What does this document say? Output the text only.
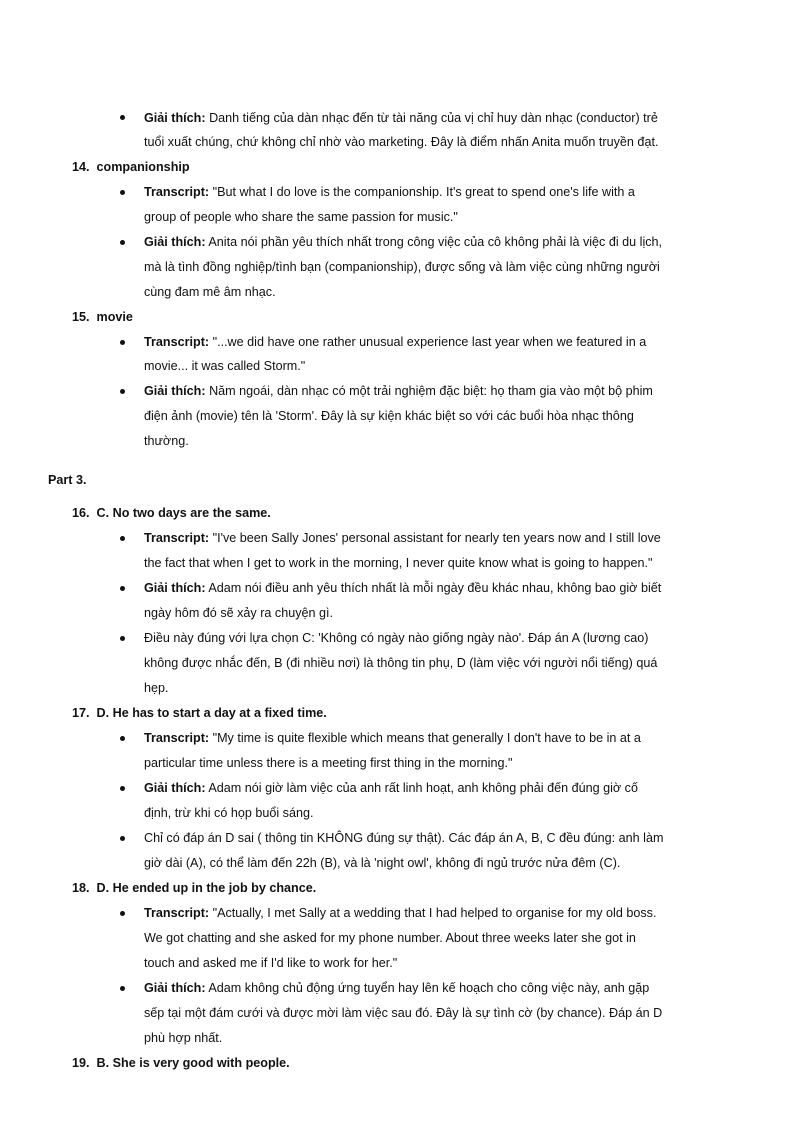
Giải thích: Danh tiếng của dàn nhạc đến từ tài năng của vị chỉ huy dàn nhạc (conductor) trẻ
tuổi xuất chúng, chứ không chỉ nhờ vào marketing. Đây là điểm nhấn Anita muốn truyền đạt.
14. companionship
Transcript: "But what I do love is the companionship. It's great to spend one's life with a
group of people who share the same passion for music."
Giải thích: Anita nói phần yêu thích nhất trong công việc của cô không phải là việc đi du lịch,
mà là tình đồng nghiệp/tình bạn (companionship), được sống và làm việc cùng những người
cùng đam mê âm nhạc.
15. movie
Transcript: "...we did have one rather unusual experience last year when we featured in a
movie... it was called Storm."
Giải thích: Năm ngoái, dàn nhạc có một trải nghiệm đặc biệt: họ tham gia vào một bộ phim
điện ảnh (movie) tên là 'Storm'. Đây là sự kiện khác biệt so với các buổi hòa nhạc thông
thường.
Part 3.
16. C. No two days are the same.
Transcript: "I've been Sally Jones' personal assistant for nearly ten years now and I still love
the fact that when I get to work in the morning, I never quite know what is going to happen."
Giải thích: Adam nói điều anh yêu thích nhất là mỗi ngày đều khác nhau, không bao giờ biết
ngày hôm đó sẽ xảy ra chuyện gì.
Điều này đúng với lựa chọn C: 'Không có ngày nào giống ngày nào'. Đáp án A (lương cao)
không được nhắc đến, B (đi nhiều nơi) là thông tin phụ, D (làm việc với người nổi tiếng) quá
hẹp.
17. D. He has to start a day at a fixed time.
Transcript: "My time is quite flexible which means that generally I don't have to be in at a
particular time unless there is a meeting first thing in the morning."
Giải thích: Adam nói giờ làm việc của anh rất linh hoạt, anh không phải đến đúng giờ cố
định, trừ khi có họp buổi sáng.
Chỉ có đáp án D sai ( thông tin KHÔNG đúng sự thật). Các đáp án A, B, C đều đúng: anh làm
giờ dài (A), có thể làm đến 22h (B), và là 'night owl', không đi ngủ trước nửa đêm (C).
18. D. He ended up in the job by chance.
Transcript: "Actually, I met Sally at a wedding that I had helped to organise for my old boss.
We got chatting and she asked for my phone number. About three weeks later she got in
touch and asked me if I'd like to work for her."
Giải thích: Adam không chủ động ứng tuyển hay lên kế hoạch cho công việc này, anh gặp
sếp tại một đám cưới và được mời làm việc sau đó. Đây là sự tình cờ (by chance). Đáp án D
phù hợp nhất.
19. B. She is very good with people.
